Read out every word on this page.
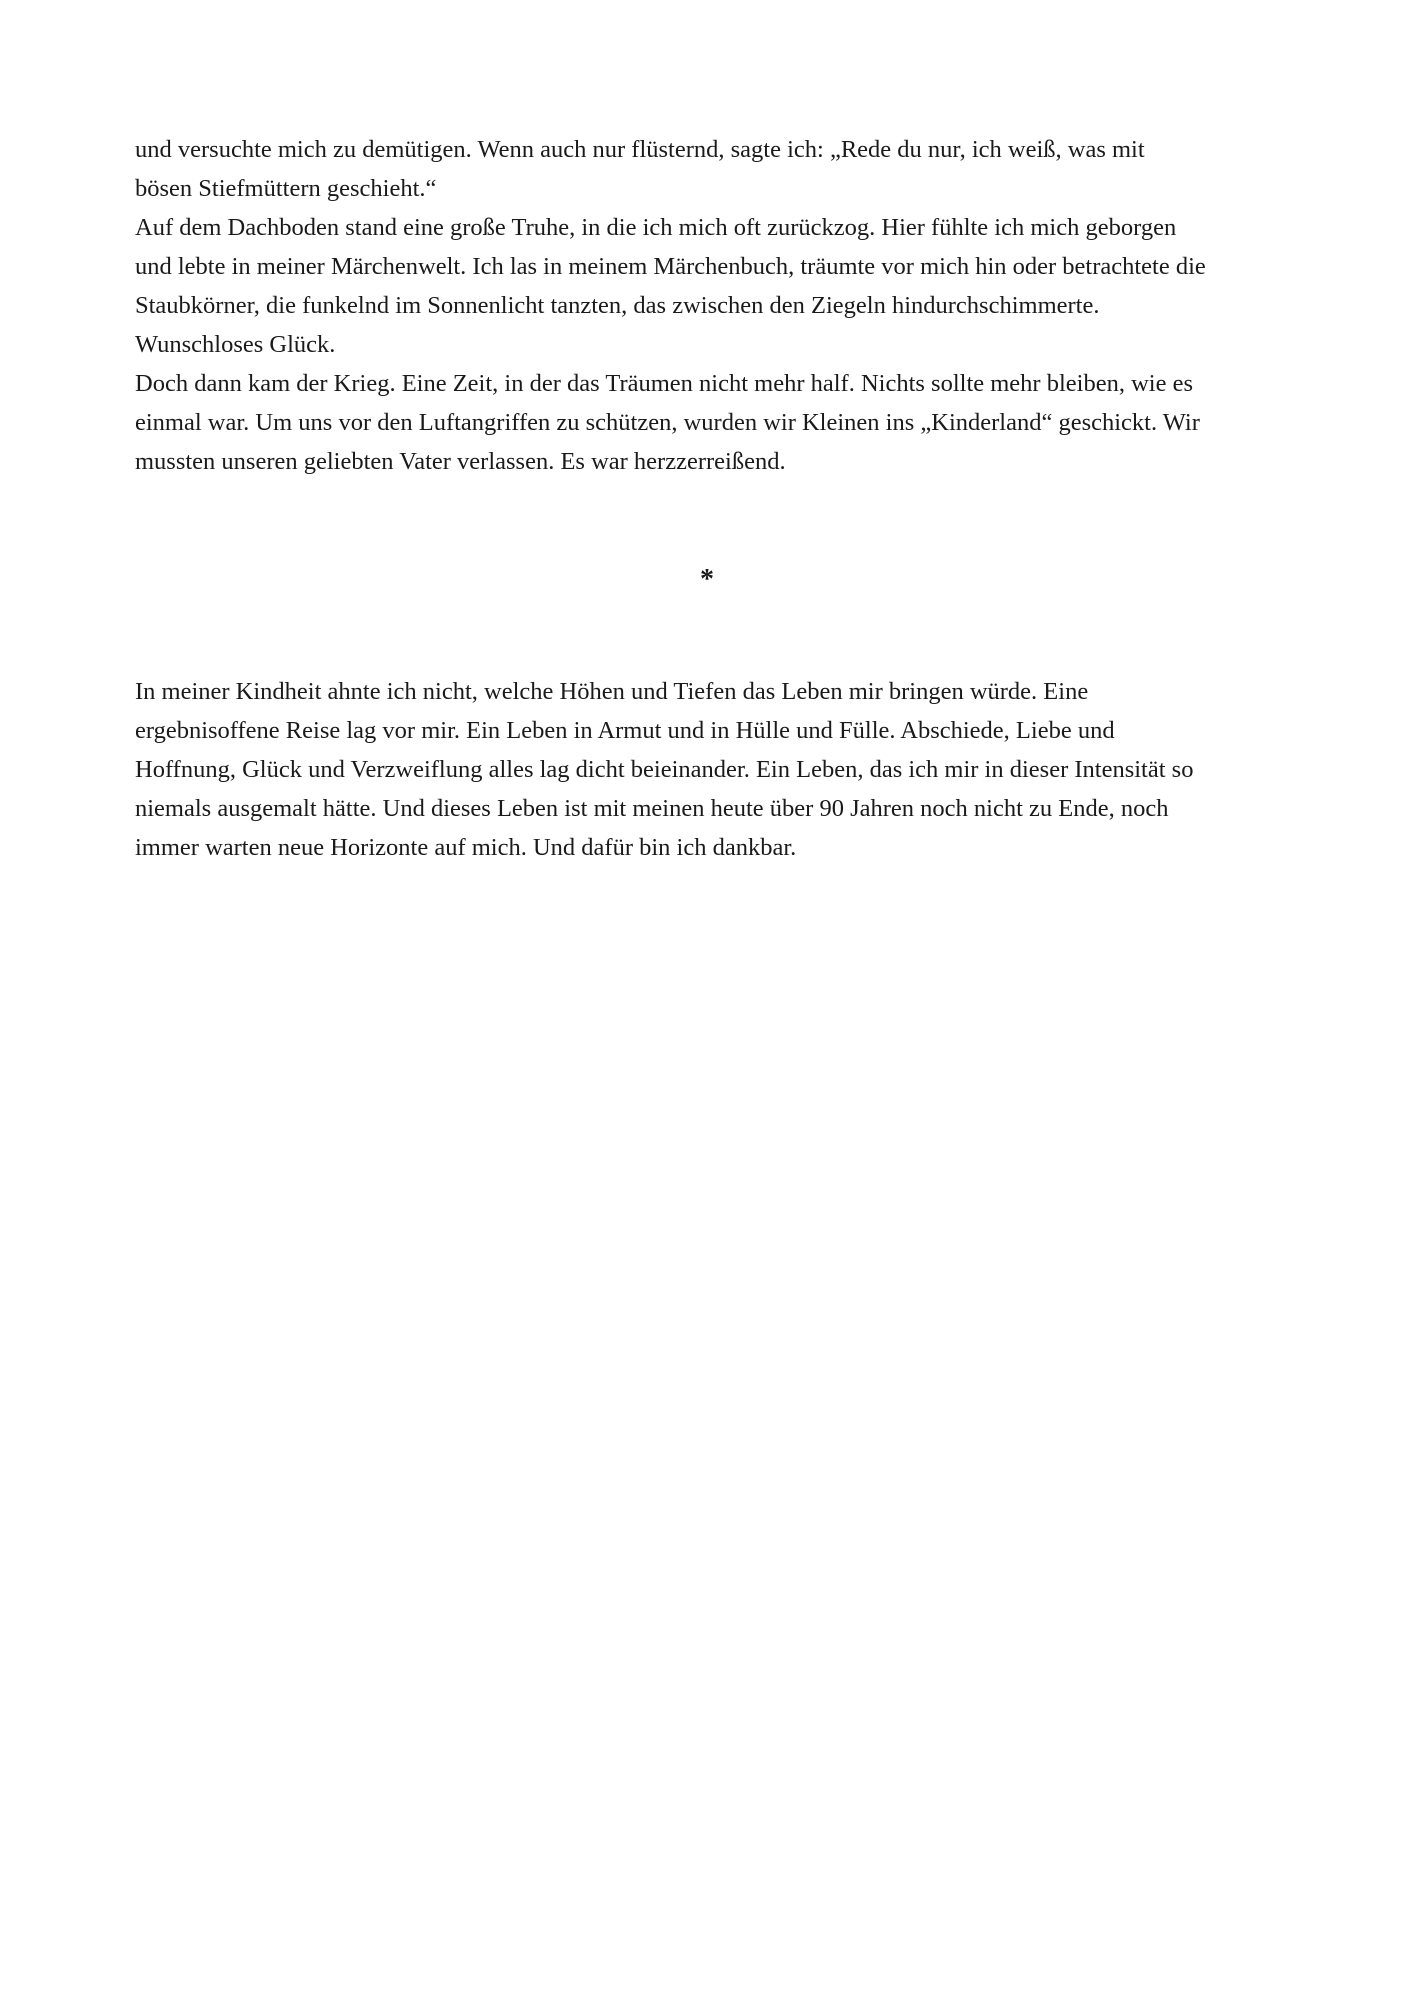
und versuchte mich zu demütigen. Wenn auch nur flüsternd, sagte ich: „Rede du nur, ich weiß, was mit
bösen Stiefmüttern geschieht.“
Auf dem Dachboden stand eine große Truhe, in die ich mich oft zurückzog. Hier fühlte ich mich geborgen
und lebte in meiner Märchenwelt. Ich las in meinem Märchenbuch, träumte vor mich hin oder betrachtete die
Staubkörner, die funkelnd im Sonnenlicht tanzten, das zwischen den Ziegeln hindurchschimmerte.
Wunschloses Glück.
Doch dann kam der Krieg. Eine Zeit, in der das Träumen nicht mehr half. Nichts sollte mehr bleiben, wie es
einmal war. Um uns vor den Luftangriffen zu schützen, wurden wir Kleinen ins „Kinderland“ geschickt. Wir
mussten unseren geliebten Vater verlassen. Es war herzzerreißend.
*
In meiner Kindheit ahnte ich nicht, welche Höhen und Tiefen das Leben mir bringen würde. Eine
ergebnisoffene Reise lag vor mir. Ein Leben in Armut und in Hülle und Fülle. Abschiede, Liebe und
Hoffnung, Glück und Verzweiflung alles lag dicht beieinander. Ein Leben, das ich mir in dieser Intensität so
niemals ausgemalt hätte. Und dieses Leben ist mit meinen heute über 90 Jahren noch nicht zu Ende, noch
immer warten neue Horizonte auf mich. Und dafür bin ich dankbar.
